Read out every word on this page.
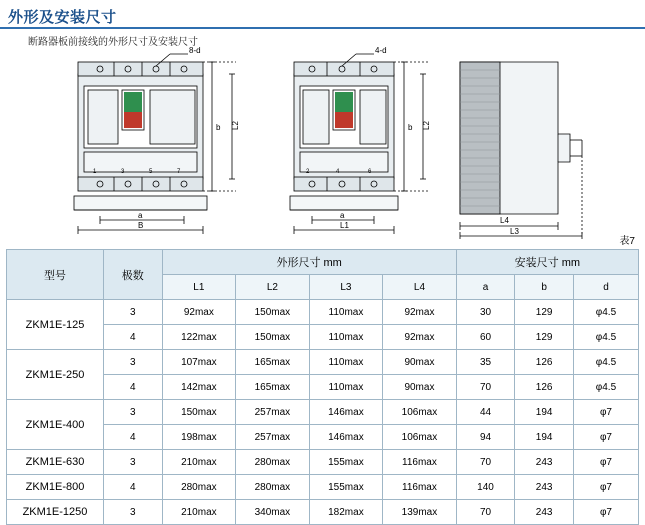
外形及安装尺寸
断路器板前接线的外形尺寸及安装尺寸
8-d
b L2
a
B
1	3	5	7
4-d
b L2
a
L1
2	4	6
L4
L3
表7
型号	极数	外形尺寸 mm				安装尺寸 mm		
		L1	L2	L3	L4	a	b	d
ZKM1E-125	3	92max	150max	110max	92max	30	129	φ4.5
	4	122max	150max	110max	92max	60	129	φ4.5
ZKM1E-250	3	107max	165max	110max	90max	35	126	φ4.5
	4	142max	165max	110max	90max	70	126	φ4.5
ZKM1E-400	3	150max	257max	146max	106max	44	194	φ7
	4	198max	257max	146max	106max	94	194	φ7
ZKM1E-630	3	210max	280max	155max	116max	70	243	φ7
ZKM1E-800	4	280max	280max	155max	116max	140	243	φ7
ZKM1E-1250	3	210max	340max	182max	139max	70	243	φ7
